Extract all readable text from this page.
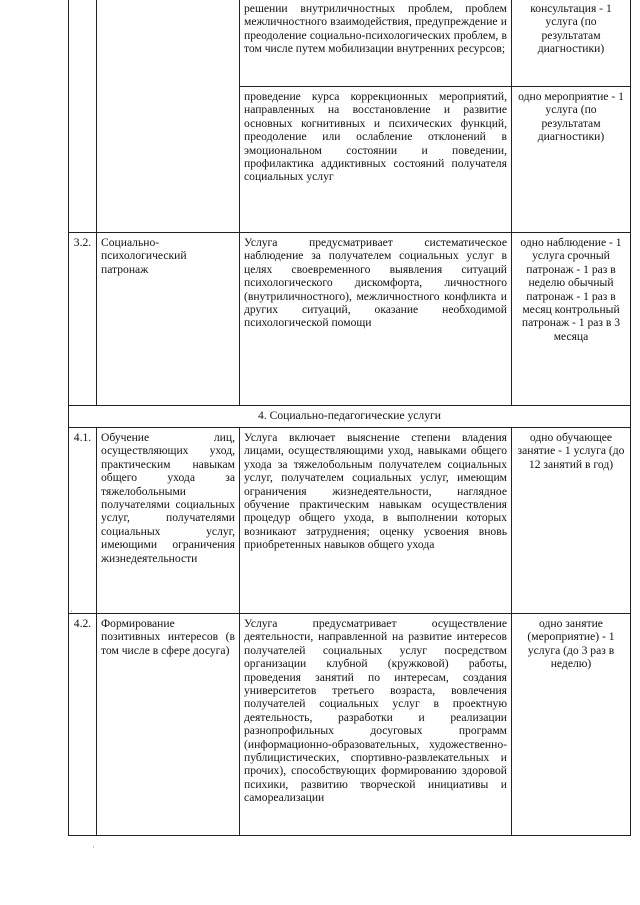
		решении внутриличностных проблем, проблем межличностного взаимодействия, предупреждение и преодоление социально-психологических проблем, в том числе путем мобилизации внутренних ресурсов;	консультация - 1 услуга (по результатам диагностики)
		проведение курса коррекционных мероприятий, направленных на восстановление и развитие основных когнитивных и психических функций, преодоление или ослабление отклонений в эмоциональном состоянии и поведении, профилактика аддиктивных состояний получателя социальных услуг	одно мероприятие - 1 услуга (по результатам диагностики)
3.2.	Социально-психологический патронаж	Услуга предусматривает систематическое наблюдение за получателем социальных услуг в целях своевременного выявления ситуаций психологического дискомфорта, личностного (внутриличностного), межличностного конфликта и других ситуаций, оказание необходимой психологической помощи	одно наблюдение - 1 услуга срочный патронаж - 1 раз в неделю обычный патронаж - 1 раз в месяц контрольный патронаж - 1 раз в 3 месяца
4. Социально-педагогические услуги			
4.1.	Обучение лиц, осуществляющих уход, практическим навыкам общего ухода за тяжелобольными получателями социальных услуг, получателями социальных услуг, имеющими ограничения жизнедеятельности	Услуга включает выяснение степени владения лицами, осуществляющими уход, навыками общего ухода за тяжелобольным получателем социальных услуг, получателем социальных услуг, имеющим ограничения жизнедеятельности, наглядное обучение практическим навыкам осуществления процедур общего ухода, в выполнении которых возникают затруднения; оценку усвоения вновь приобретенных навыков общего ухода	одно обучающее занятие - 1 услуга (до 12 занятий в год)
4.2.	Формирование позитивных интересов (в том числе в сфере досуга)	Услуга предусматривает осуществление деятельности, направленной на развитие интересов получателей социальных услуг посредством организации клубной (кружковой) работы, проведения занятий по интересам, создания университетов третьего возраста, вовлечения получателей социальных услуг в проектную деятельность, разработки и реализации разнопрофильных досуговых программ (информационно-образовательных, художественно-публицистических, спортивно-развлекательных и прочих), способствующих формированию здоровой психики, развитию творческой инициативы и самореализации	одно занятие (мероприятие) - 1 услуга (до 3 раз в неделю)
·
·
